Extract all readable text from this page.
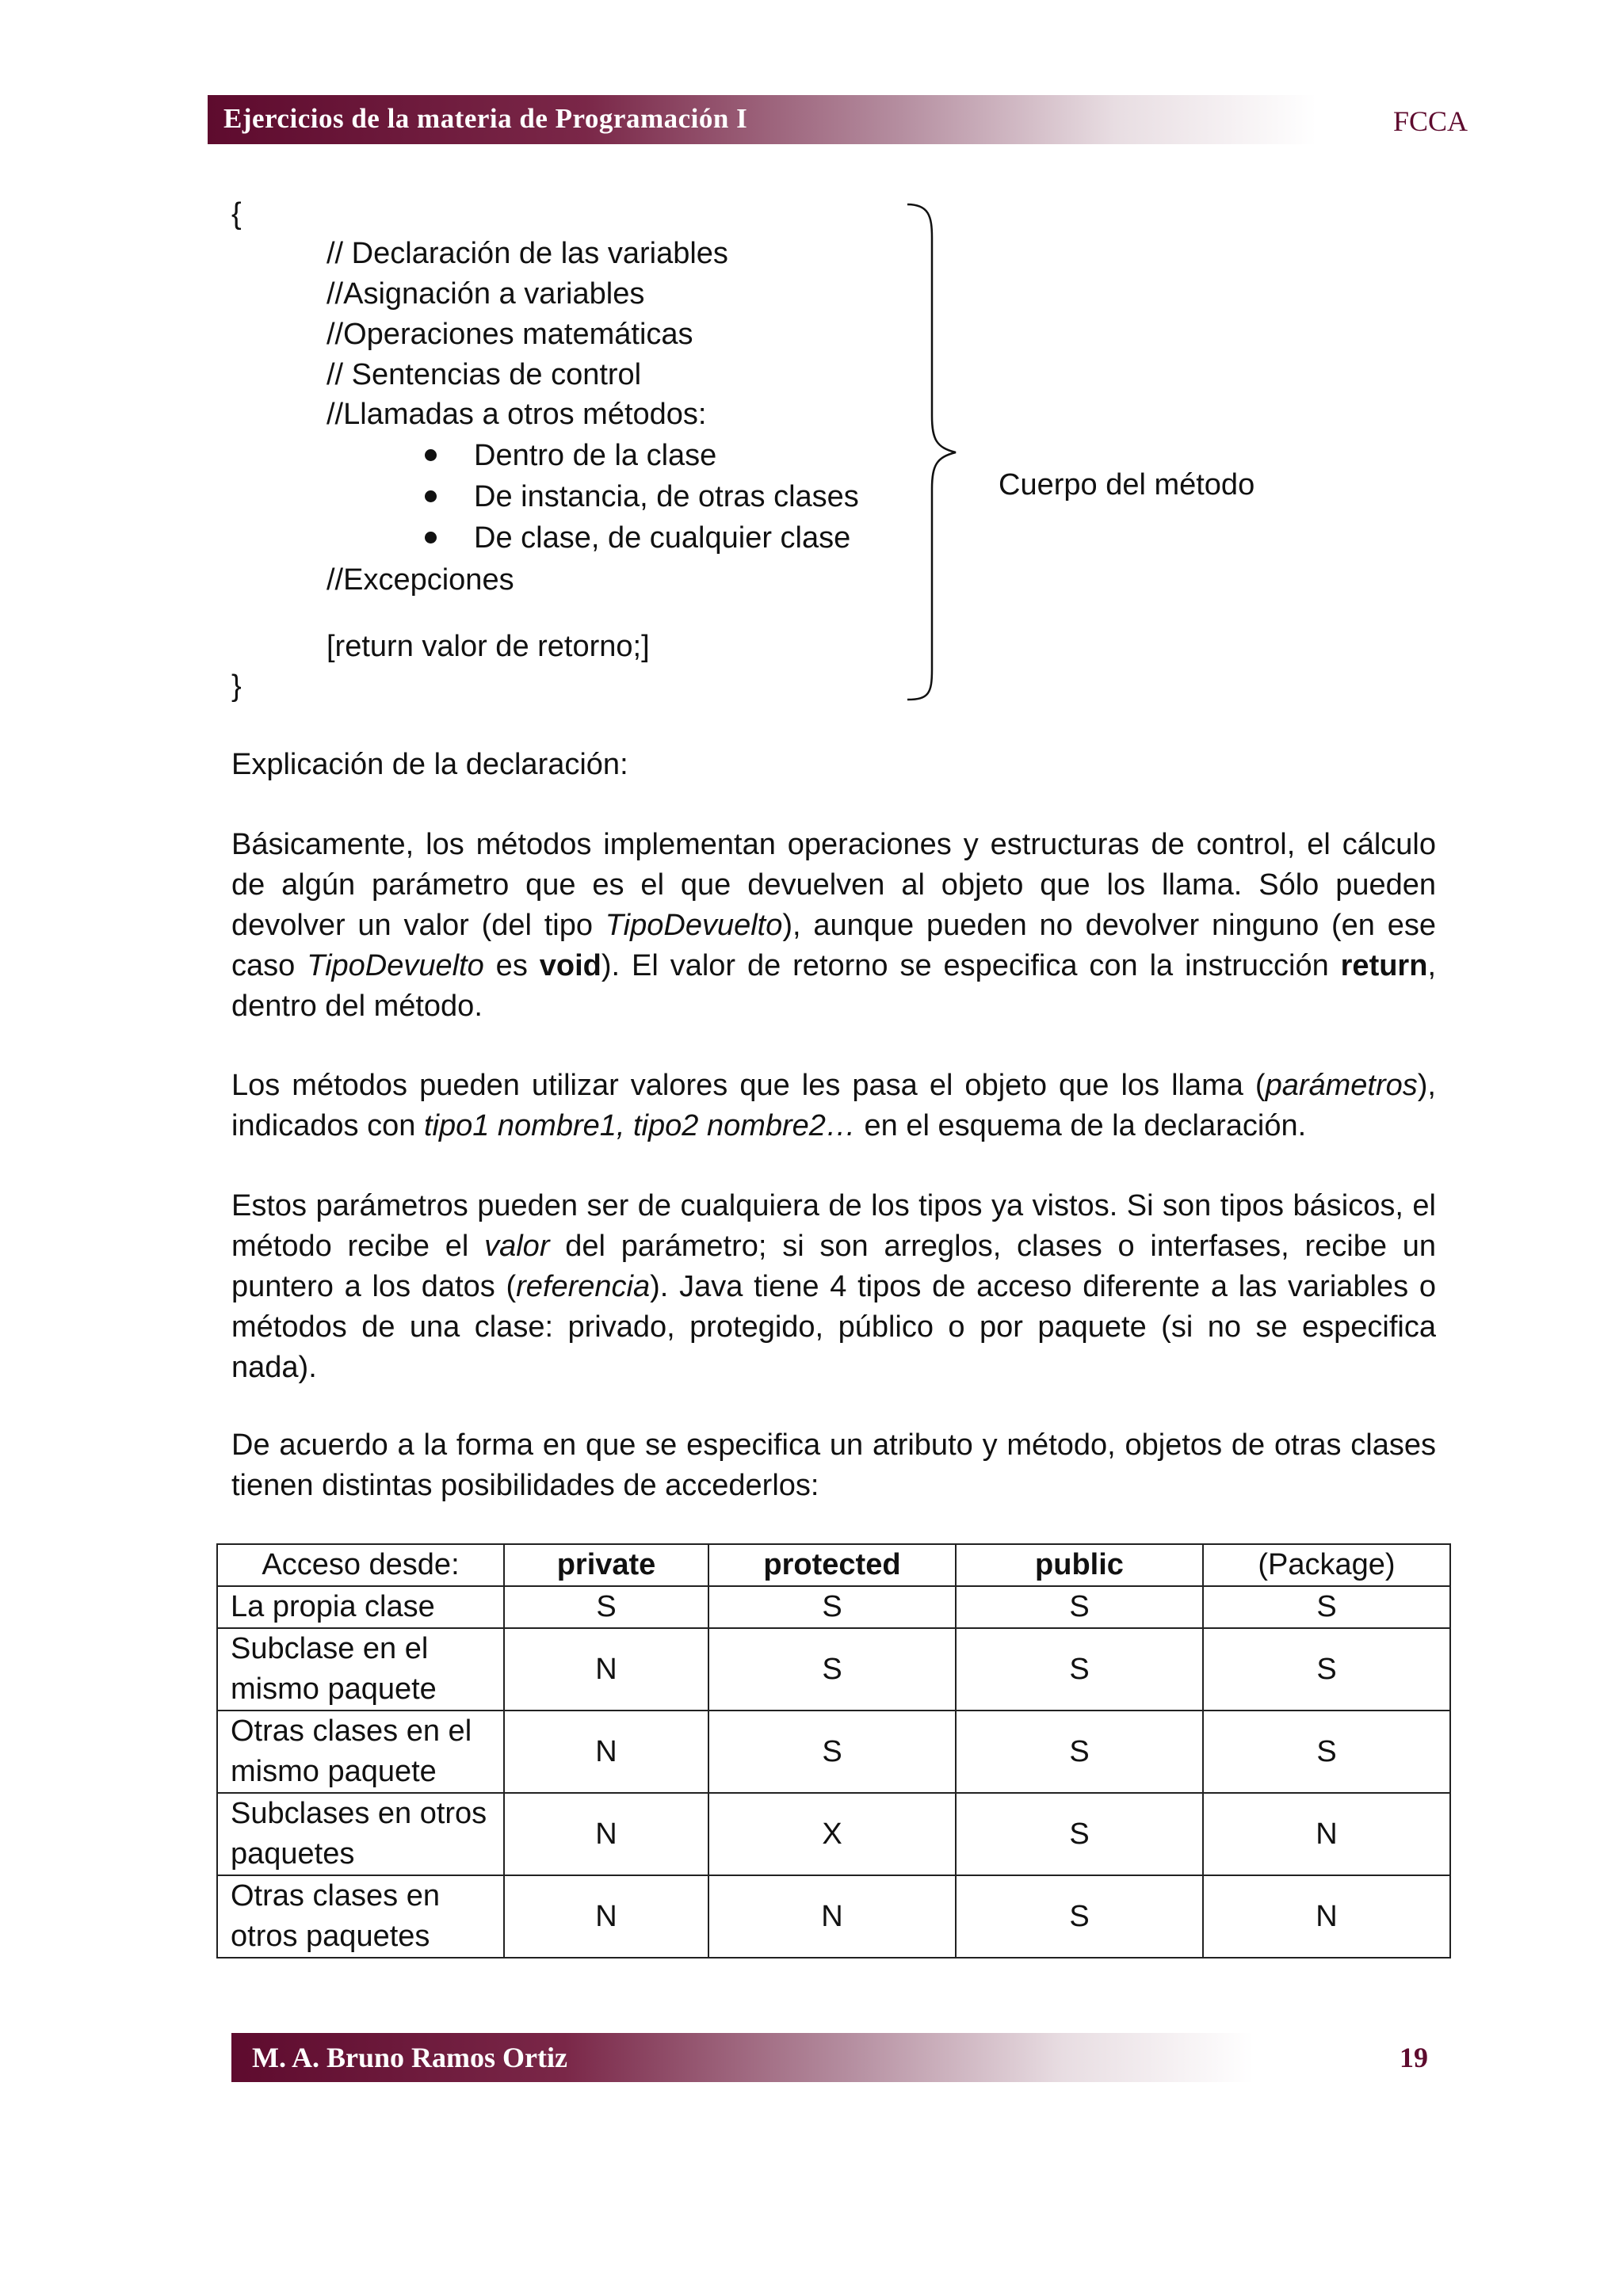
Ejercicios de la materia de Programación I	FCCA
{
// Declaración de las variables
//Asignación a variables
//Operaciones matemáticas
// Sentencias de control
//Llamadas a otros métodos:
Dentro de la clase
De instancia, de otras clases
De clase, de cualquier clase
//Excepciones
[return valor de retorno;]
}
Cuerpo del método
Explicación de la declaración:
Básicamente, los métodos implementan operaciones y estructuras de control, el cálculo de algún parámetro que es el que devuelven al objeto que los llama. Sólo pueden devolver un valor (del tipo TipoDevuelto), aunque pueden no devolver ninguno (en ese caso TipoDevuelto es void). El valor de retorno se especifica con la instrucción return, dentro del método.
Los métodos pueden utilizar valores que les pasa el objeto que los llama (parámetros), indicados con tipo1 nombre1, tipo2 nombre2… en el esquema de la declaración.
Estos parámetros pueden ser de cualquiera de los tipos ya vistos. Si son tipos básicos, el método recibe el valor del parámetro; si son arreglos, clases o interfases, recibe un puntero a los datos (referencia). Java tiene 4 tipos de acceso diferente a las variables o métodos de una clase: privado, protegido, público o por paquete (si no se especifica nada).
De acuerdo a la forma en que se especifica un atributo y método, objetos de otras clases tienen distintas posibilidades de accederlos:
Acceso desde:	private	protected	public	(Package)
La propia clase	S	S	S	S
Subclase en el mismo paquete	N	S	S	S
Otras clases en el mismo paquete	N	S	S	S
Subclases en otros paquetes	N	X	S	N
Otras clases en otros paquetes	N	N	S	N
M. A. Bruno Ramos Ortiz	19
